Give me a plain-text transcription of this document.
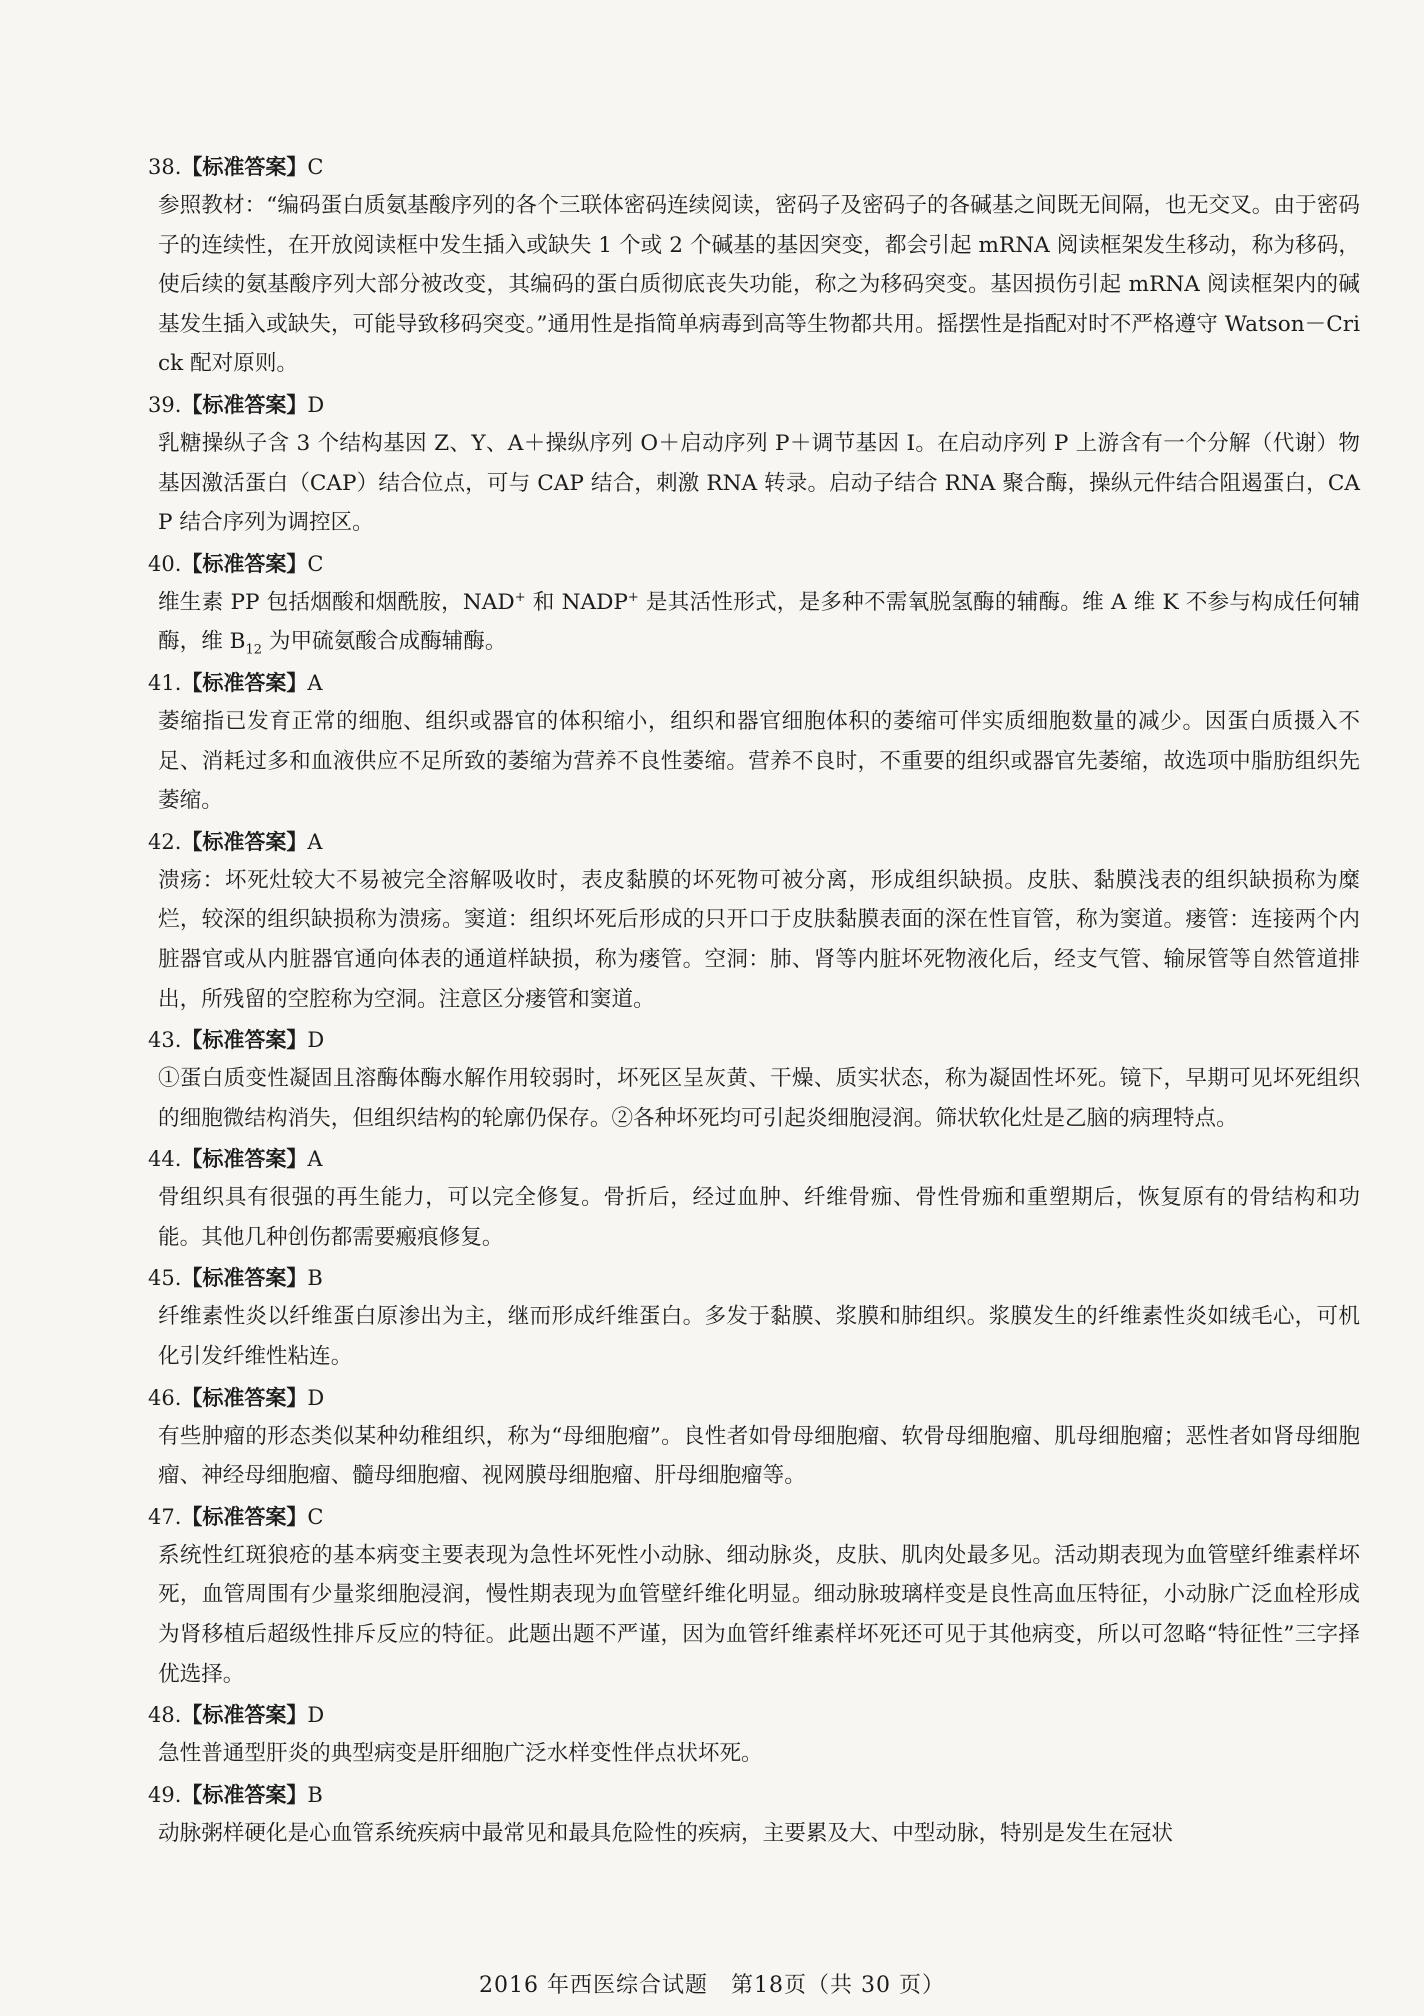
38.【标准答案】C

参照教材：“编码蛋白质氨基酸序列的各个三联体密码连续阅读，密码子及密码子的各碱基之间既无间隔，也无交叉。由于密码子的连续性，在开放阅读框中发生插入或缺失 1 个或 2 个碱基的基因突变，都会引起 mRNA 阅读框架发生移动，称为移码，使后续的氨基酸序列大部分被改变，其编码的蛋白质彻底丧失功能，称之为移码突变。基因损伤引起 mRNA 阅读框架内的碱基发生插入或缺失，可能导致移码突变。”通用性是指简单病毒到高等生物都共用。摇摆性是指配对时不严格遵守 Watson－Crick 配对原则。

39.【标准答案】D

乳糖操纵子含 3 个结构基因 Z、Y、A＋操纵序列 O＋启动序列 P＋调节基因 I。在启动序列 P 上游含有一个分解（代谢）物基因激活蛋白（CAP）结合位点，可与 CAP 结合，刺激 RNA 转录。启动子结合 RNA 聚合酶，操纵元件结合阻遏蛋白，CAP 结合序列为调控区。

40.【标准答案】C

维生素 PP 包括烟酸和烟酰胺，NAD+ 和 NADP+ 是其活性形式，是多种不需氧脱氢酶的辅酶。维 A 维 K 不参与构成任何辅酶，维 $B_{12}$ 为甲硫氨酸合成酶辅酶。

41.【标准答案】A

萎缩指已发育正常的细胞、组织或器官的体积缩小，组织和器官细胞体积的萎缩可伴实质细胞数量的减少。因蛋白质摄入不足、消耗过多和血液供应不足所致的萎缩为营养不良性萎缩。营养不良时，不重要的组织或器官先萎缩，故选项中脂肪组织先萎缩。

42.【标准答案】A

溃疡：坏死灶较大不易被完全溶解吸收时，表皮黏膜的坏死物可被分离，形成组织缺损。皮肤、黏膜浅表的组织缺损称为糜烂，较深的组织缺损称为溃疡。窦道：组织坏死后形成的只开口于皮肤黏膜表面的深在性盲管，称为窦道。瘘管：连接两个内脏器官或从内脏器官通向体表的通道样缺损，称为瘘管。空洞：肺、肾等内脏坏死物液化后，经支气管、输尿管等自然管道排出，所残留的空腔称为空洞。注意区分瘘管和窦道。

43.【标准答案】D

①蛋白质变性凝固且溶酶体酶水解作用较弱时，坏死区呈灰黄、干燥、质实状态，称为凝固性坏死。镜下，早期可见坏死组织的细胞微结构消失，但组织结构的轮廓仍保存。②各种坏死均可引起炎细胞浸润。筛状软化灶是乙脑的病理特点。

44.【标准答案】A

骨组织具有很强的再生能力，可以完全修复。骨折后，经过血肿、纤维骨痂、骨性骨痂和重塑期后，恢复原有的骨结构和功能。其他几种创伤都需要瘢痕修复。

45.【标准答案】B

纤维素性炎以纤维蛋白原渗出为主，继而形成纤维蛋白。多发于黏膜、浆膜和肺组织。浆膜发生的纤维素性炎如绒毛心，可机化引发纤维性粘连。

46.【标准答案】D

有些肿瘤的形态类似某种幼稚组织，称为“母细胞瘤”。良性者如骨母细胞瘤、软骨母细胞瘤、肌母细胞瘤；恶性者如肾母细胞瘤、神经母细胞瘤、髓母细胞瘤、视网膜母细胞瘤、肝母细胞瘤等。

47.【标准答案】C

系统性红斑狼疮的基本病变主要表现为急性坏死性小动脉、细动脉炎，皮肤、肌肉处最多见。活动期表现为血管壁纤维素样坏死，血管周围有少量浆细胞浸润，慢性期表现为血管壁纤维化明显。细动脉玻璃样变是良性高血压特征，小动脉广泛血栓形成为肾移植后超级性排斥反应的特征。此题出题不严谨，因为血管纤维素样坏死还可见于其他病变，所以可忽略“特征性”三字择优选择。

48.【标准答案】D

急性普通型肝炎的典型病变是肝细胞广泛水样变性伴点状坏死。

49.【标准答案】B

动脉粥样硬化是心血管系统疾病中最常见和最具危险性的疾病，主要累及大、中型动脉，特别是发生在冠状

2016 年西医综合试题　第18页（共 30 页）
